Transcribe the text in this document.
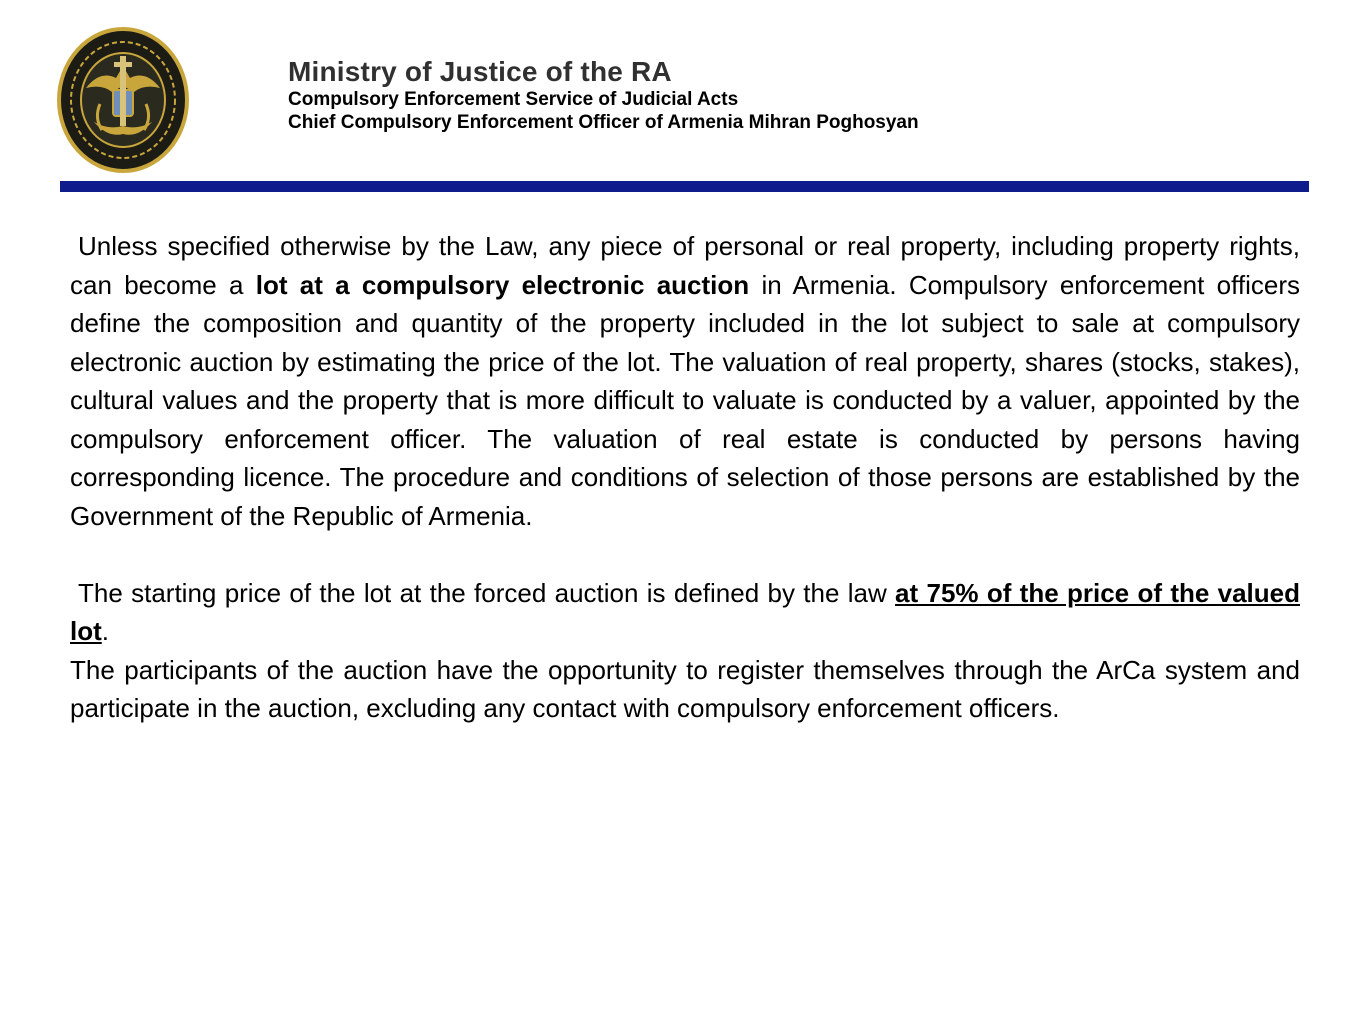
Ministry of Justice of the RA
Compulsory Enforcement Service of Judicial Acts
Chief Compulsory Enforcement Officer of Armenia Mihran Poghosyan

Unless specified otherwise by the Law, any piece of personal or real property, including property rights, can become a lot at a compulsory electronic auction in Armenia. Compulsory enforcement officers define the composition and quantity of the property included in the lot subject to sale at compulsory electronic auction by estimating the price of the lot. The valuation of real property, shares (stocks, stakes), cultural values and the property that is more difficult to valuate is conducted by a valuer, appointed by the compulsory enforcement officer. The valuation of real estate is conducted by persons having corresponding licence. The procedure and conditions of selection of those persons are established by the Government of the Republic of Armenia.

The starting price of the lot at the forced auction is defined by the law at 75% of the price of the valued lot.

The participants of the auction have the opportunity to register themselves through the ArCa system and participate in the auction, excluding any contact with compulsory enforcement officers.
